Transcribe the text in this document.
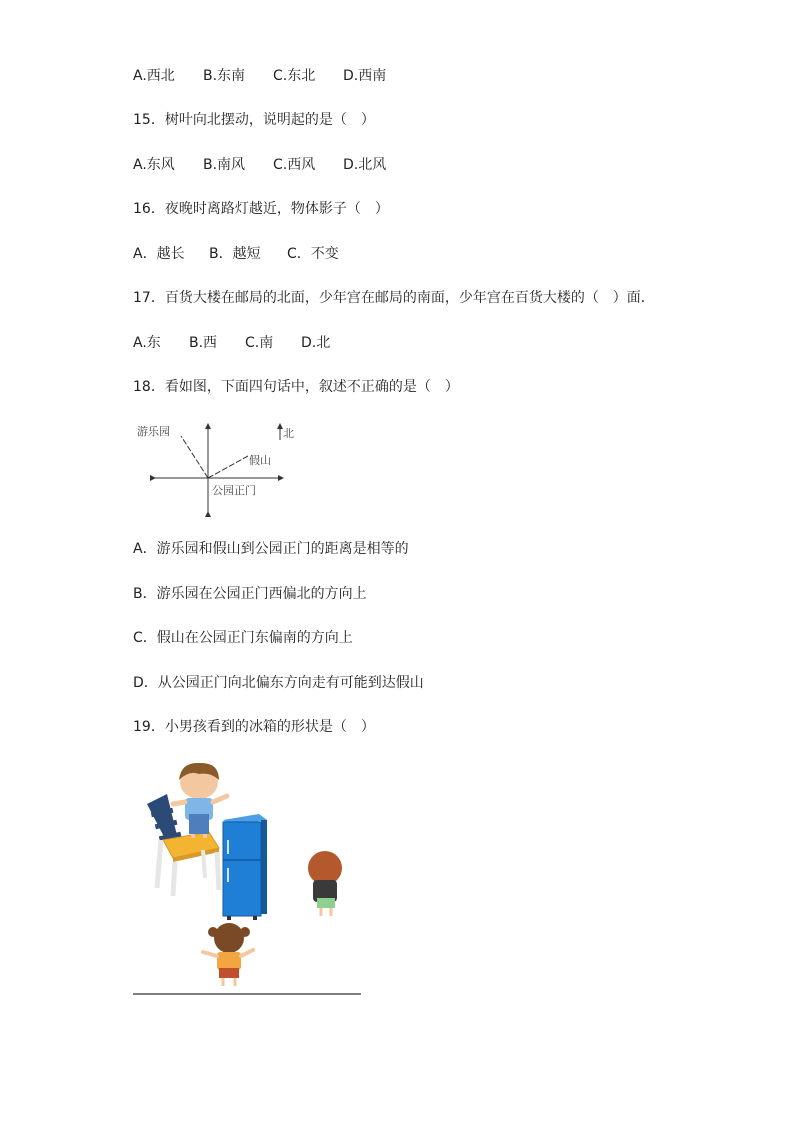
A.西北 B.东南 C.东北 D.西南
15．树叶向北摆动，说明起的是（　）
A.东风 B.南风 C.西风 D.北风
16．夜晚时离路灯越近，物体影子（　）
A．越长 B．越短 C．不变
17．百货大楼在邮局的北面，少年宫在邮局的南面，少年宫在百货大楼的（　）面．
A.东 B.西 C.南 D.北
18．看如图，下面四句话中，叙述不正确的是（　）
游乐园	北
假山
公园正门
A．游乐园和假山到公园正门的距离是相等的
B．游乐园在公园正门西偏北的方向上
C．假山在公园正门东偏南的方向上
D．从公园正门向北偏东方向走有可能到达假山
19．小男孩看到的冰箱的形状是（　）
